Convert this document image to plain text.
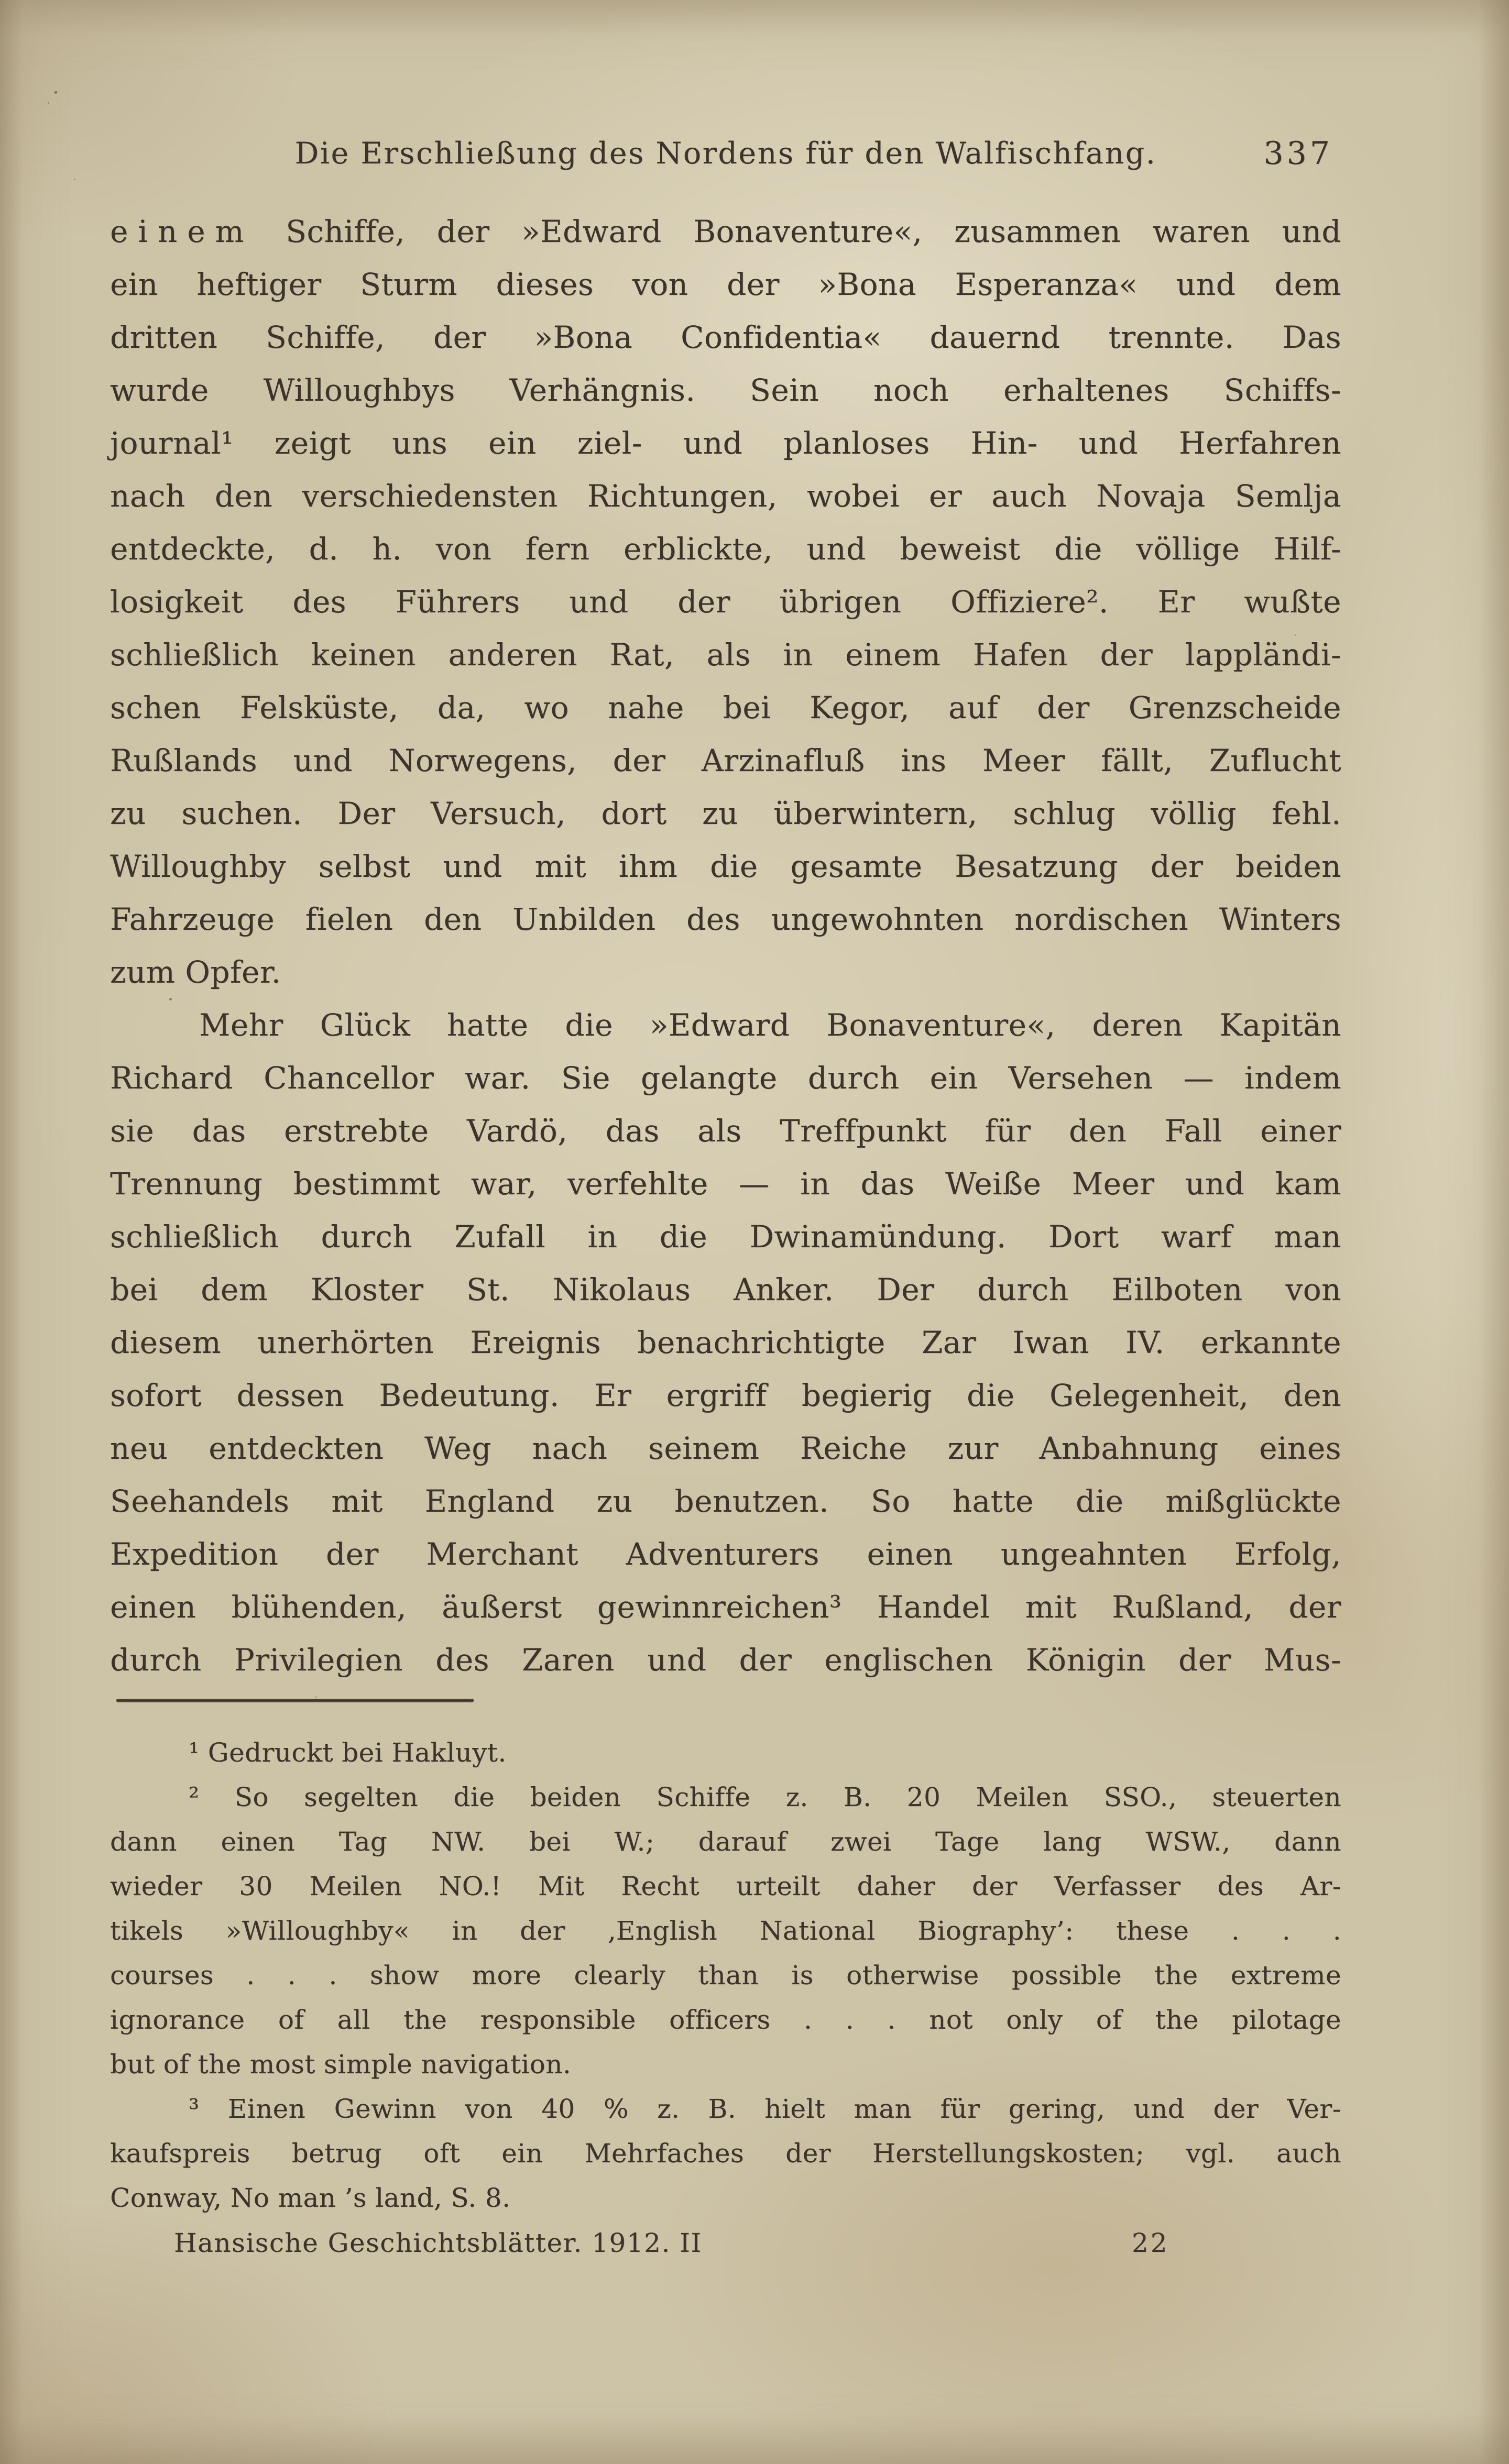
Die Erschließung des Nordens für den Walfischfang.	337
einem Schiffe, der »Edward Bonaventure«, zusammen waren und
ein heftiger Sturm dieses von der »Bona Esperanza« und dem
dritten Schiffe, der »Bona Confidentia« dauernd trennte. Das
wurde Willoughbys Verhängnis. Sein noch erhaltenes Schiffs-
journal¹ zeigt uns ein ziel- und planloses Hin- und Herfahren
nach den verschiedensten Richtungen, wobei er auch Novaja Semlja
entdeckte, d. h. von fern erblickte, und beweist die völlige Hilf-
losigkeit des Führers und der übrigen Offiziere². Er wußte
schließlich keinen anderen Rat, als in einem Hafen der lappländi-
schen Felsküste, da, wo nahe bei Kegor, auf der Grenzscheide
Rußlands und Norwegens, der Arzinafluß ins Meer fällt, Zuflucht
zu suchen. Der Versuch, dort zu überwintern, schlug völlig fehl.
Willoughby selbst und mit ihm die gesamte Besatzung der beiden
Fahrzeuge fielen den Unbilden des ungewohnten nordischen Winters
zum Opfer.
Mehr Glück hatte die »Edward Bonaventure«, deren Kapitän
Richard Chancellor war. Sie gelangte durch ein Versehen — indem
sie das erstrebte Vardö, das als Treffpunkt für den Fall einer
Trennung bestimmt war, verfehlte — in das Weiße Meer und kam
schließlich durch Zufall in die Dwinamündung. Dort warf man
bei dem Kloster St. Nikolaus Anker. Der durch Eilboten von
diesem unerhörten Ereignis benachrichtigte Zar Iwan IV. erkannte
sofort dessen Bedeutung. Er ergriff begierig die Gelegenheit, den
neu entdeckten Weg nach seinem Reiche zur Anbahnung eines
Seehandels mit England zu benutzen. So hatte die mißglückte
Expedition der Merchant Adventurers einen ungeahnten Erfolg,
einen blühenden, äußerst gewinnreichen³ Handel mit Rußland, der
durch Privilegien des Zaren und der englischen Königin der Mus-
¹ Gedruckt bei Hakluyt.
² So segelten die beiden Schiffe z. B. 20 Meilen SSO., steuerten
dann einen Tag NW. bei W.; darauf zwei Tage lang WSW., dann
wieder 30 Meilen NO.! Mit Recht urteilt daher der Verfasser des Ar-
tikels »Willoughby« in der ‚English National Biography’: these . . .
courses . . . show more clearly than is otherwise possible the extreme
ignorance of all the responsible officers . . . not only of the pilotage
but of the most simple navigation.
³ Einen Gewinn von 40 % z. B. hielt man für gering, und der Ver-
kaufspreis betrug oft ein Mehrfaches der Herstellungskosten; vgl. auch
Conway, No man ’s land, S. 8.
Hansische Geschichtsblätter. 1912. II	22
